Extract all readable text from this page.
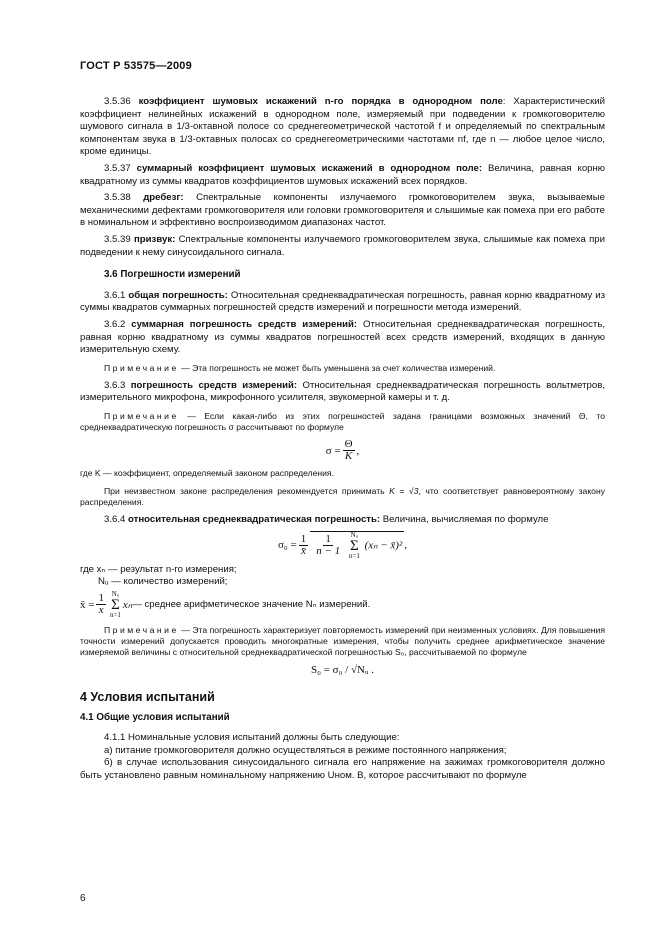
ГОСТ Р 53575—2009

3.5.36 коэффициент шумовых искажений n-го порядка в однородном поле: Характеристический коэффициент нелинейных искажений в однородном поле, измеряемый при подведении к громкоговорителю шумового сигнала в 1/3-октавной полосе со среднегеометрической частотой f и определяемый по спектральным компонентам звука в 1/3-октавных полосах со среднегеометрическими частотами nf, где n — любое целое число, кроме единицы.

3.5.37 суммарный коэффициент шумовых искажений в однородном поле: Величина, равная корню квадратному из суммы квадратов коэффициентов шумовых искажений всех порядков.

3.5.38 дребезг: Спектральные компоненты излучаемого громкоговорителем звука, вызываемые механическими дефектами громкоговорителя или головки громкоговорителя и слышимые как помеха при его работе в номинальном и эффективно воспроизводимом диапазонах частот.

3.5.39 призвук: Спектральные компоненты излучаемого громкоговорителем звука, слышимые как помеха при подведении к нему синусоидального сигнала.

3.6 Погрешности измерений

3.6.1 общая погрешность: Относительная среднеквадратическая погрешность, равная корню квадратному из суммы квадратов суммарных погрешностей средств измерений и погрешности метода измерений.

3.6.2 суммарная погрешность средств измерений: Относительная среднеквадратическая погрешность, равная корню квадратному из суммы квадратов погрешностей всех средств измерений, входящих в данную измерительную схему.

Примечание — Эта погрешность не может быть уменьшена за счет количества измерений.

3.6.3 погрешность средств измерений: Относительная среднеквадратическая погрешность вольтметров, измерительного микрофона, микрофонного усилителя, звукомерной камеры и т. д.

Примечание — Если какая-либо из этих погрешностей задана границами возможных значений Θ, то среднеквадратическую погрешность σ рассчитывают по формуле

$\sigma = \frac{\Theta}{K}$ ,

где K — коэффициент, определяемый законом распределения.

При неизвестном законе распределения рекомендуется принимать K = √3, что соответствует равновероятному закону распределения.

3.6.4 относительная среднеквадратическая погрешность: Величина, вычисляемая по формуле

$\sigma_0 = \frac{1}{x̄} \frac{1}{n - 1}$
Nᵤ
Σ
n=1
(xₙ − x̄)² ,

где xₙ — результат n-го измерения;

Nᵤ — количество измерений;

x̄ = $\frac{1}{x}$ Nᵤ
Σ
n=1
xₙ — среднее арифметическое значение Nₙ измерений.

Примечание — Эта погрешность характеризует повторяемость измерений при неизменных условиях. Для повышения точности измерений допускается проводить многократные измерения, чтобы получить среднее арифметическое значение измеряемой величины с относительной среднеквадратической погрешностью S₀, рассчитываемой по формуле

S₀ = σ₀ / √Nᵤ .

4 Условия испытаний

4.1 Общие условия испытаний

4.1.1 Номинальные условия испытаний должны быть следующие:

а) питание громкоговорителя должно осуществляться в режиме постоянного напряжения;

б) в случае использования синусоидального сигнала его напряжение на зажимах громкоговорителя должно быть установлено равным номинальному напряжению Uном. В, которое рассчитывают по формуле

6
